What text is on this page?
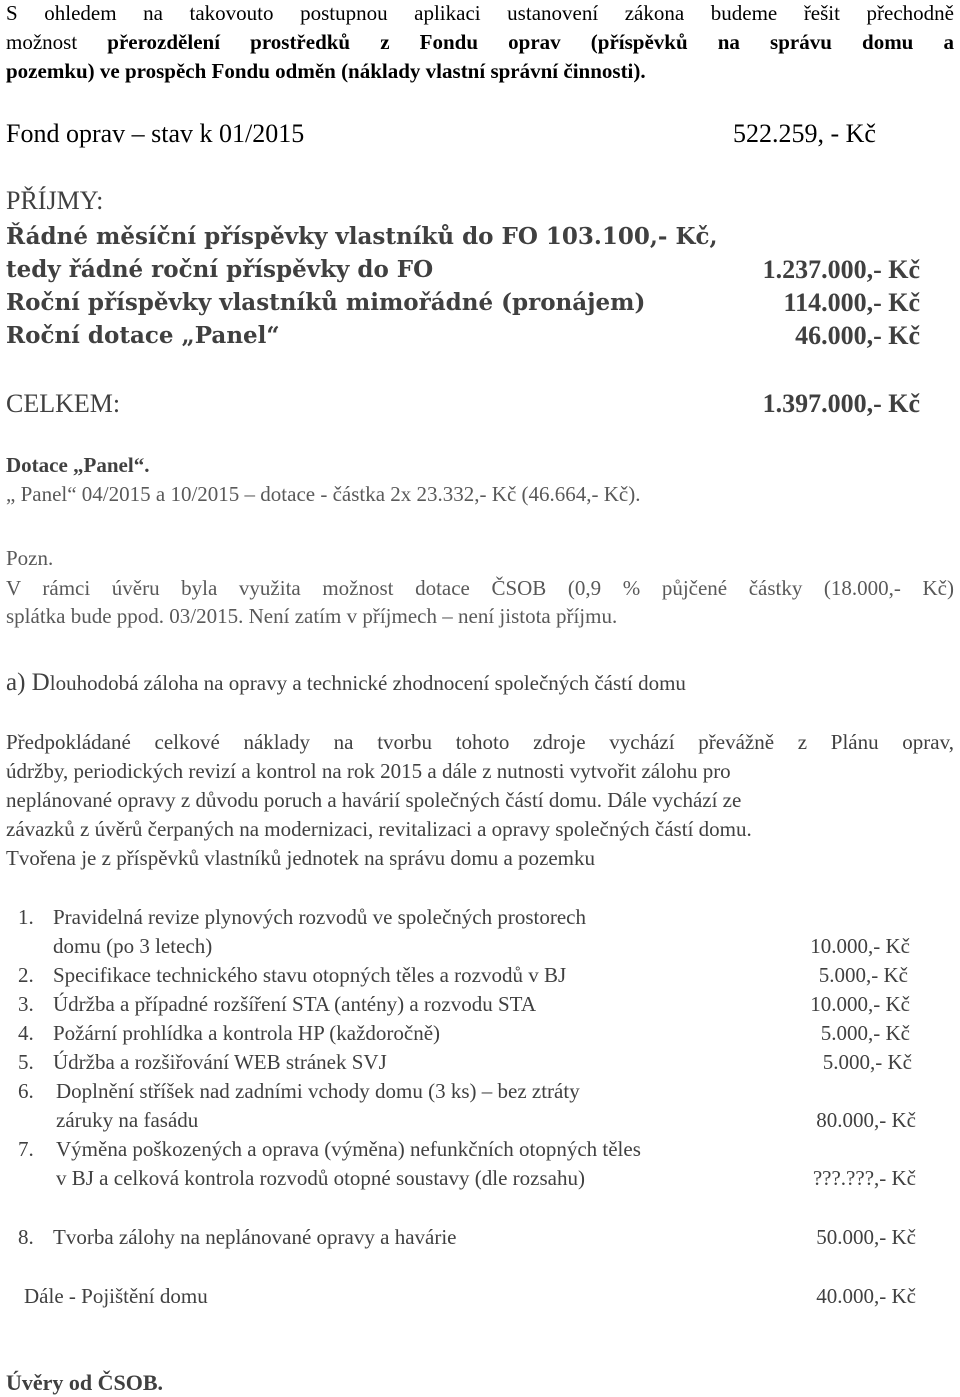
S ohledem na takovouto postupnou aplikaci ustanovení zákona budeme řešit přechodně
možnost přerozdělení prostředků z Fondu oprav (příspěvků na správu domu a
pozemku) ve prospěch Fondu odměn (náklady vlastní správní činnosti).
Fond oprav – stav k 01/2015	522.259, - Kč
PŘÍJMY:
Řádné měsíční příspěvky vlastníků do FO 103.100,- Kč,
tedy řádné roční příspěvky do FO	1.237.000,- Kč
Roční příspěvky vlastníků mimořádné (pronájem)	114.000,- Kč
Roční dotace „Panel“	46.000,- Kč
CELKEM:	1.397.000,- Kč
Dotace „Panel“.
„ Panel“ 04/2015 a 10/2015 – dotace - částka 2x 23.332,- Kč (46.664,- Kč).
Pozn.
V rámci úvěru byla využita možnost dotace ČSOB (0,9 % půjčené částky (18.000,- Kč)
splátka bude ppod. 03/2015. Není zatím v příjmech – není jistota příjmu.
a) Dlouhodobá záloha na opravy a technické zhodnocení společných částí domu
Předpokládané celkové náklady na tvorbu tohoto zdroje vychází převážně z Plánu oprav,
údržby, periodických revizí a kontrol na rok 2015 a dále z nutnosti vytvořit zálohu pro
neplánované opravy z důvodu poruch a havárií společných částí domu. Dále vychází ze
závazků z úvěrů čerpaných na modernizaci, revitalizaci a opravy společných částí domu.
Tvořena je z příspěvků vlastníků jednotek na správu domu a pozemku
1. Pravidelná revize plynových rozvodů ve společných prostorech
domu (po 3 letech)	10.000,- Kč
2. Specifikace technického stavu otopných těles a rozvodů v BJ	5.000,- Kč
3. Údržba a případné rozšíření STA (antény) a rozvodu STA	10.000,- Kč
4. Požární prohlídka a kontrola HP (každoročně)	5.000,- Kč
5. Údržba a rozšiřování WEB stránek SVJ	5.000,- Kč
6. Doplnění stříšek nad zadními vchody domu (3 ks) – bez ztráty
záruky na fasádu	80.000,- Kč
7. Výměna poškozených a oprava (výměna) nefunkčních otopných těles
v BJ a celková kontrola rozvodů otopné soustavy (dle rozsahu)	???.???,- Kč
8. Tvorba zálohy na neplánované opravy a havárie	50.000,- Kč
Dále - Pojištění domu	40.000,- Kč
Úvěry od ČSOB.
